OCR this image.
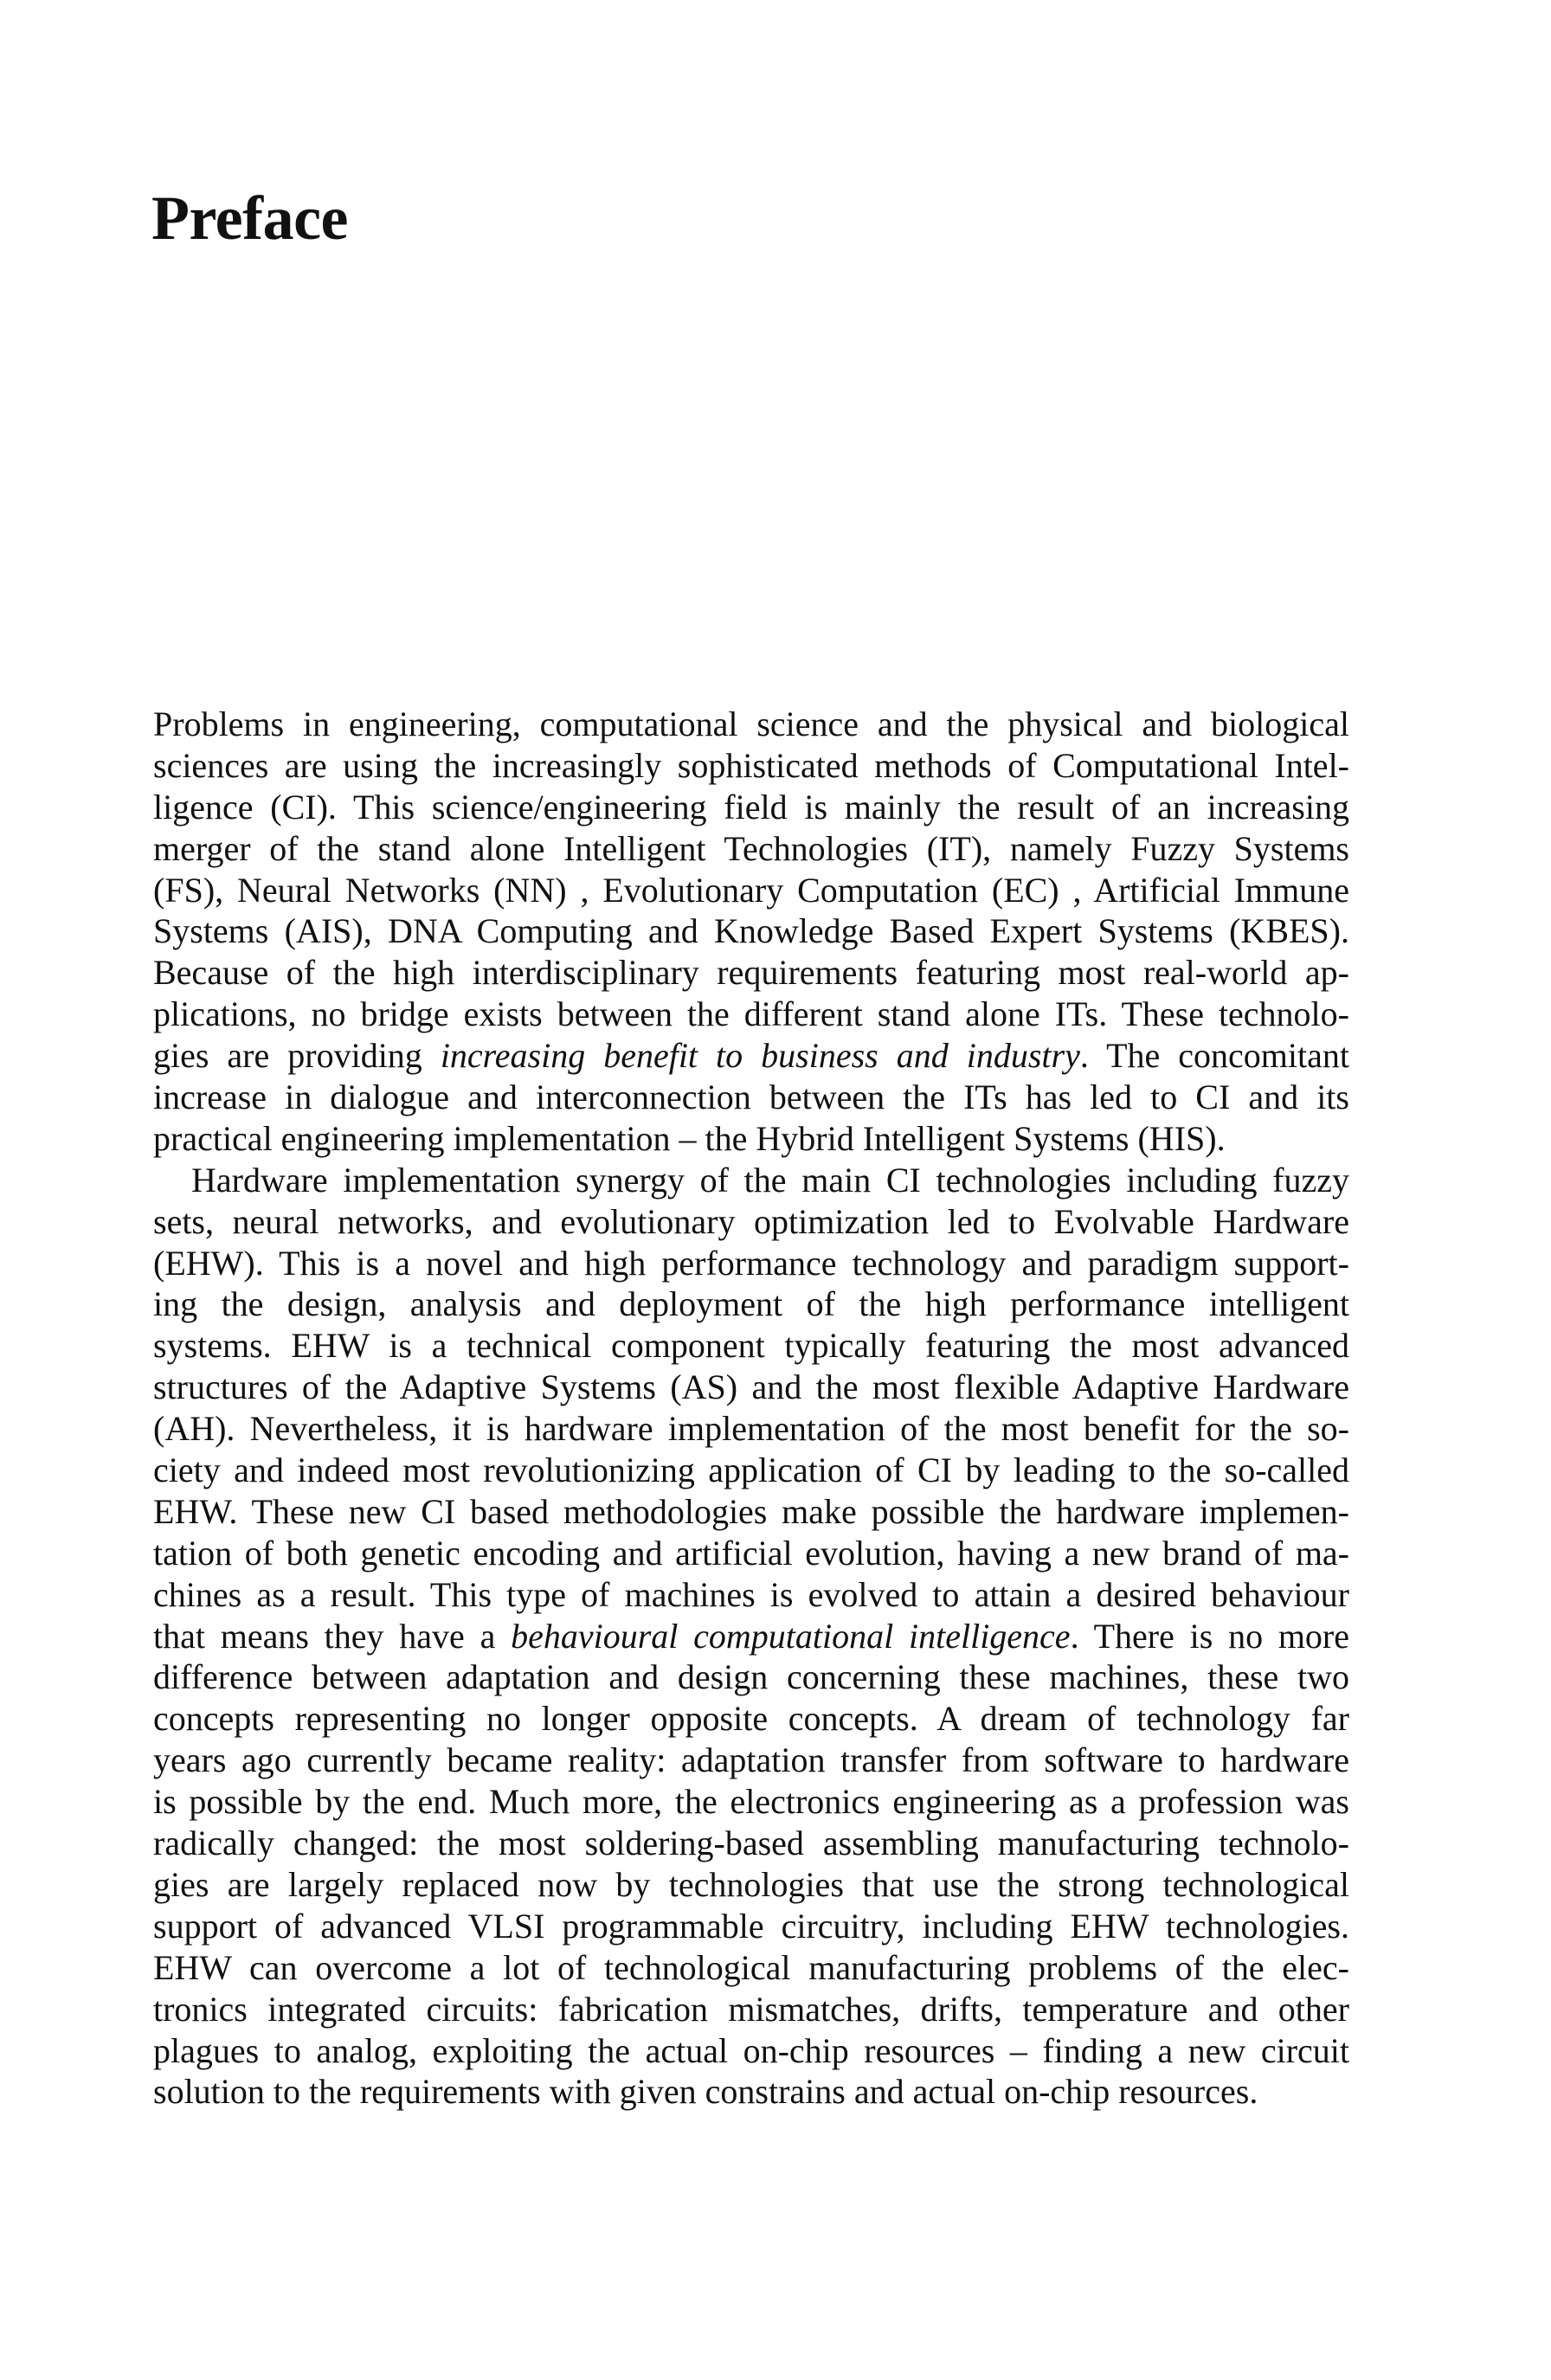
Preface

Problems in engineering, computational science and the physical and biological
sciences are using the increasingly sophisticated methods of Computational Intel-
ligence (CI). This science/engineering field is mainly the result of an increasing
merger of the stand alone Intelligent Technologies (IT), namely Fuzzy Systems
(FS), Neural Networks (NN) , Evolutionary Computation (EC) , Artificial Immune
Systems (AIS), DNA Computing and Knowledge Based Expert Systems (KBES).
Because of the high interdisciplinary requirements featuring most real-world ap-
plications, no bridge exists between the different stand alone ITs. These technolo-
gies are providing increasing benefit to business and industry. The concomitant
increase in dialogue and interconnection between the ITs has led to CI and its
practical engineering implementation – the Hybrid Intelligent Systems (HIS).

Hardware implementation synergy of the main CI technologies including fuzzy
sets, neural networks, and evolutionary optimization led to Evolvable Hardware
(EHW). This is a novel and high performance technology and paradigm support-
ing the design, analysis and deployment of the high performance intelligent
systems. EHW is a technical component typically featuring the most advanced
structures of the Adaptive Systems (AS) and the most flexible Adaptive Hardware
(AH). Nevertheless, it is hardware implementation of the most benefit for the so-
ciety and indeed most revolutionizing application of CI by leading to the so-called
EHW. These new CI based methodologies make possible the hardware implemen-
tation of both genetic encoding and artificial evolution, having a new brand of ma-
chines as a result. This type of machines is evolved to attain a desired behaviour
that means they have a behavioural computational intelligence. There is no more
difference between adaptation and design concerning these machines, these two
concepts representing no longer opposite concepts. A dream of technology far
years ago currently became reality: adaptation transfer from software to hardware
is possible by the end. Much more, the electronics engineering as a profession was
radically changed: the most soldering-based assembling manufacturing technolo-
gies are largely replaced now by technologies that use the strong technological
support of advanced VLSI programmable circuitry, including EHW technologies.
EHW can overcome a lot of technological manufacturing problems of the elec-
tronics integrated circuits: fabrication mismatches, drifts, temperature and other
plagues to analog, exploiting the actual on-chip resources – finding a new circuit
solution to the requirements with given constrains and actual on-chip resources.
